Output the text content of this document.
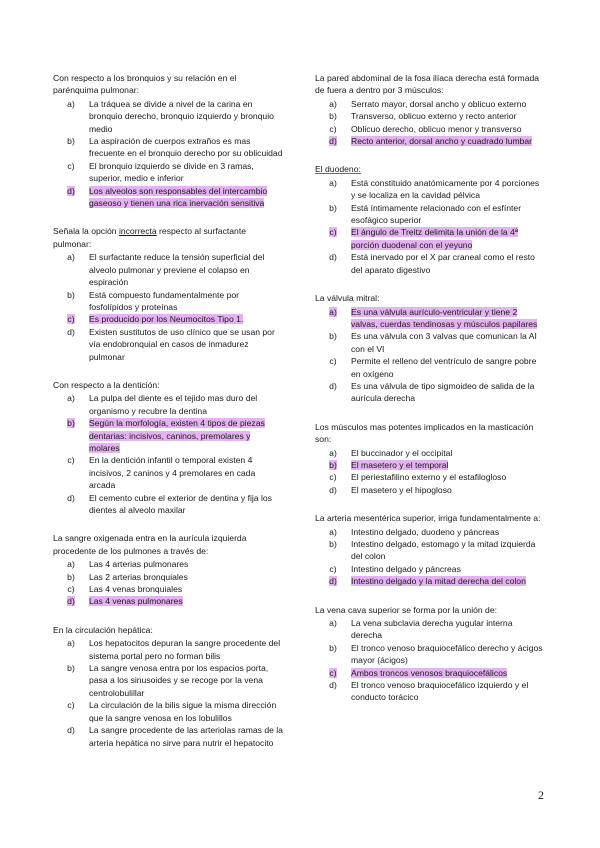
Con respecto a los bronquios y su relación en el parénquima pulmonar:
a)	La tráquea se divide a nivel de la carina en bronquio derecho, bronquio izquierdo y bronquio medio
b)	La aspiración de cuerpos extraños es mas frecuente en el bronquio derecho por su oblicuidad
c)	El bronquio izquierdo se divide en 3 ramas, superior, medio e inferior
d)	Los alveolos son responsables del intercambio gaseoso y tienen una rica inervación sensitiva
Señala la opción incorrecta respecto al surfactante pulmonar:
a)	El surfactante reduce la tensión superficial del alveolo pulmonar y previene el colapso en espiración
b)	Está compuesto fundamentalmente por fosfolípidos y proteínas
c)	Es producido por los Neumocitos Tipo 1.
d)	Existen sustitutos de uso clínico que se usan por vía endobronquial en casos de inmadurez pulmonar
Con respecto a la dentición:
a)	La pulpa del diente es el tejido mas duro del organismo y recubre la dentina
b)	Según la morfología, existen 4 tipos de piezas dentarias: incisivos, caninos, premolares y molares
c)	En la dentición infantil o temporal existen 4 incisivos, 2 caninos y 4 premolares en cada arcada
d)	El cemento cubre el exterior de dentina y fija los dientes al alveolo maxilar
La sangre oxigenada entra en la aurícula izquierda procedente de los pulmones a través de:
a)	Las 4 arterias pulmonares
b)	Las 2 arterias bronquiales
c)	Las 4 venas bronquiales
d)	Las 4 venas pulmonares
En la circulación hepática:
a)	Los hepatocitos depuran la sangre procedente del sistema portal pero no forman bilis
b)	La sangre venosa entra por los espacios porta, pasa a los sinusoides y se recoge por la vena centrolobulillar
c)	La circulación de la bilis sigue la misma dirección que la sangre venosa en los lobulillos
d)	La sangre procedente de las arteriolas ramas de la arteria hepática no sirve para nutrir el hepatocito
La pared abdominal de la fosa ilíaca derecha está formada de fuera a dentro por 3 músculos:
a)	Serrato mayor, dorsal ancho y oblicuo externo
b)	Transverso, oblicuo externo y recto anterior
c)	Oblicuo derecho, oblicuo menor y transverso
d)	Recto anterior, dorsal ancho y cuadrado lumbar
El duodeno:
a)	Está constituido anatómicamente por 4 porciones y se localiza en la cavidad pélvica
b)	Está íntimamente relacionado con el esfínter esofágico superior
c)	El ángulo de Treitz delimita la unión de la 4ª porción duodenal con el yeyuno
d)	Está inervado por el X par craneal como el resto del aparato digestivo
La válvula mitral:
a)	Es una válvula aurículo-ventricular y tiene 2 valvas, cuerdas tendinosas y músculos papilares
b)	Es una válvula con 3 valvas que comunican la AI con el VI
c)	Permite el relleno del ventrículo de sangre pobre en oxígeno
d)	Es una válvula de tipo sigmoideo de salida de la aurícula derecha
Los músculos mas potentes implicados en la masticación son:
a)	El buccinador y el occipital
b)	El masetero y el temporal
c)	El periestafilino externo y el estafilogloso
d)	El masetero y el hipogloso
La arteria mesentérica superior, irriga fundamentalmente a:
a)	Intestino delgado, duodeno y páncreas
b)	Intestino delgado, estomago y la mitad izquierda del colon
c)	Intestino delgado y páncreas
d)	Intestino delgado y la mitad derecha del colon
La vena cava superior se forma por la unión de:
a)	La vena subclavia derecha yugular interna derecha
b)	El tronco venoso braquiocefálico derecho y ácigos mayor (ácigos)
c)	Ambos troncos venosos braquiocefálicos
d)	El tronco venoso braquiocefálico izquierdo y el conducto torácico
2
